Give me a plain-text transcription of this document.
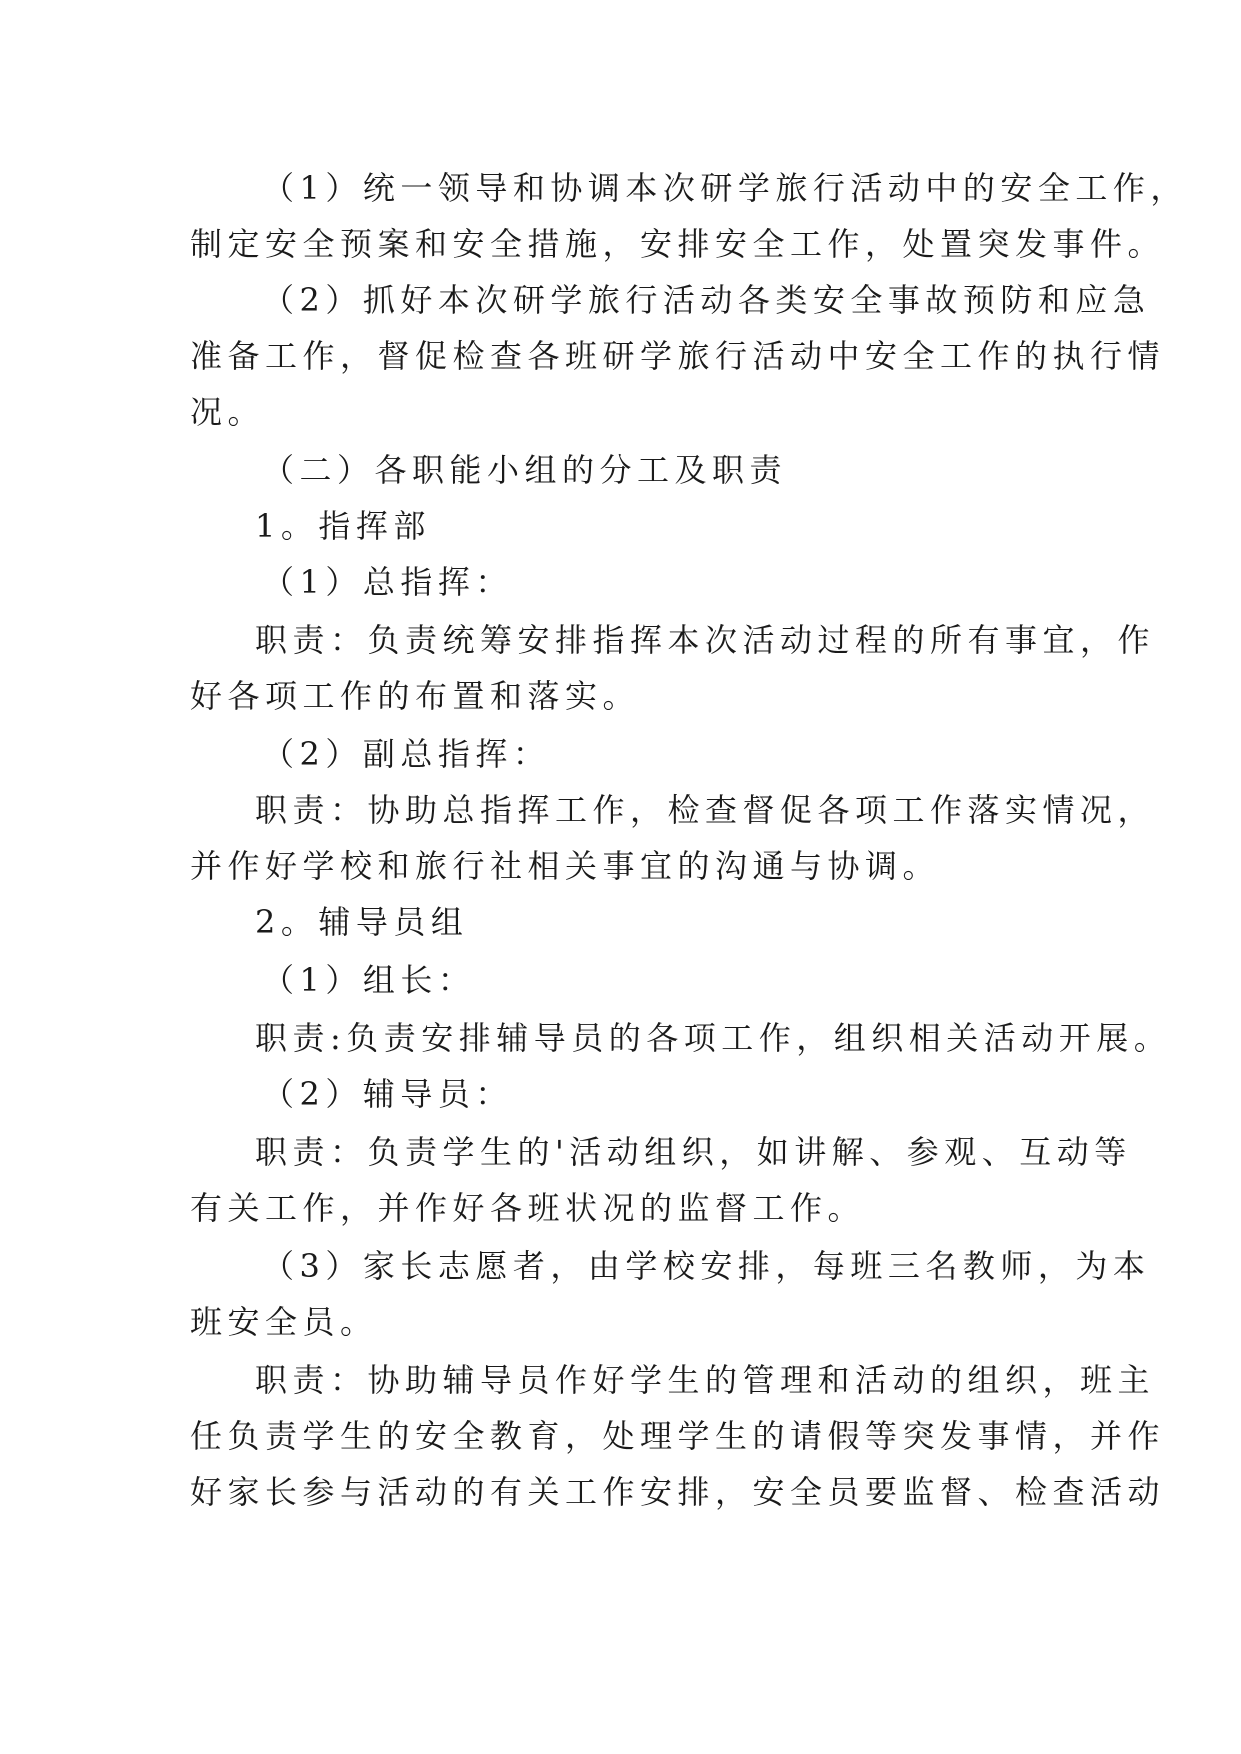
（1）统一领导和协调本次研学旅行活动中的安全工作，
制定安全预案和安全措施，安排安全工作，处置突发事件。
（2）抓好本次研学旅行活动各类安全事故预防和应急
准备工作，督促检查各班研学旅行活动中安全工作的执行情
况。
（二）各职能小组的分工及职责
1。指挥部
（1）总指挥：
职责：负责统筹安排指挥本次活动过程的所有事宜，作
好各项工作的布置和落实。
（2）副总指挥：
职责：协助总指挥工作，检查督促各项工作落实情况，
并作好学校和旅行社相关事宜的沟通与协调。
2。辅导员组
（1）组长：
职责:负责安排辅导员的各项工作，组织相关活动开展。
（2）辅导员：
职责：负责学生的'活动组织，如讲解、参观、互动等
有关工作，并作好各班状况的监督工作。
（3）家长志愿者，由学校安排，每班三名教师，为本
班安全员。
职责：协助辅导员作好学生的管理和活动的组织，班主
任负责学生的安全教育，处理学生的请假等突发事情，并作
好家长参与活动的有关工作安排，安全员要监督、检查活动
